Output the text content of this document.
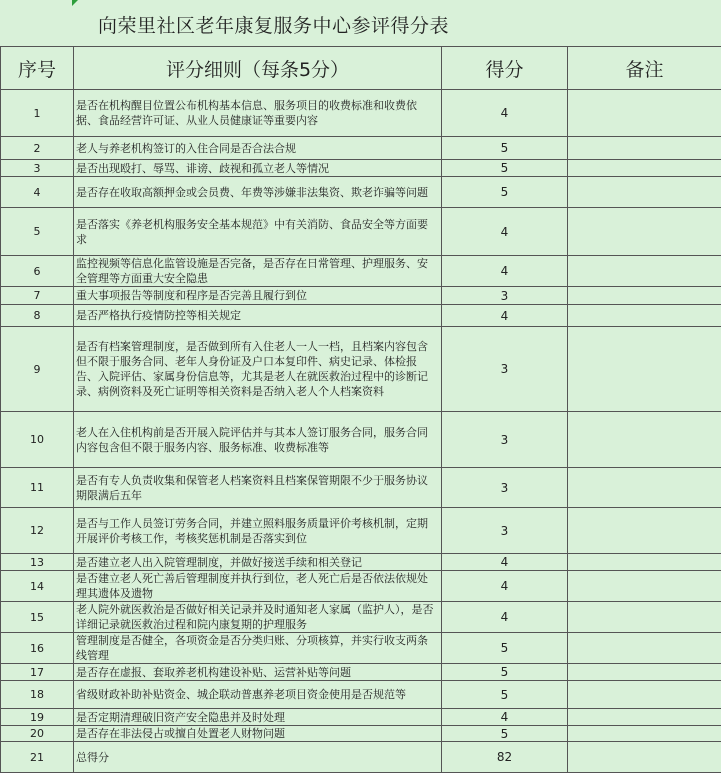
向荣里社区老年康复服务中心参评得分表
序号	评分细则（每条5分）	得分	备注
1	是否在机构醒目位置公布机构基本信息、服务项目的收费标准和收费依据、食品经营许可证、从业人员健康证等重要内容	4	
2	老人与养老机构签订的入住合同是否合法合规	5	
3	是否出现殴打、辱骂、诽谤、歧视和孤立老人等情况	5	
4	是否存在收取高额押金或会员费、年费等涉嫌非法集资、欺老诈骗等问题	5	
5	是否落实《养老机构服务安全基本规范》中有关消防、食品安全等方面要求	4	
6	监控视频等信息化监管设施是否完备，是否存在日常管理、护理服务、安全管理等方面重大安全隐患	4	
7	重大事项报告等制度和程序是否完善且履行到位	3	
8	是否严格执行疫情防控等相关规定	4	
9	是否有档案管理制度，是否做到所有入住老人一人一档，且档案内容包含但不限于服务合同、老年人身份证及户口本复印件、病史记录、体检报告、入院评估、家属身份信息等，尤其是老人在就医救治过程中的诊断记录、病例资料及死亡证明等相关资料是否纳入老人个人档案资料	3	
10	老人在入住机构前是否开展入院评估并与其本人签订服务合同，服务合同内容包含但不限于服务内容、服务标准、收费标准等	3	
11	是否有专人负责收集和保管老人档案资料且档案保管期限不少于服务协议期限满后五年	3	
12	是否与工作人员签订劳务合同，并建立照料服务质量评价考核机制，定期开展评价考核工作，考核奖惩机制是否落实到位	3	
13	是否建立老人出入院管理制度，并做好接送手续和相关登记	4	
14	是否建立老人死亡善后管理制度并执行到位，老人死亡后是否依法依规处理其遗体及遗物	4	
15	老人院外就医救治是否做好相关记录并及时通知老人家属（监护人），是否详细记录就医救治过程和院内康复期的护理服务	4	
16	管理制度是否健全，各项资金是否分类归账、分项核算，并实行收支两条线管理	5	
17	是否存在虚报、套取养老机构建设补贴、运营补贴等问题	5	
18	省级财政补助补贴资金、城企联动普惠养老项目资金使用是否规范等	5	
19	是否定期清理破旧资产安全隐患并及时处理	4	
20	是否存在非法侵占或擅自处置老人财物问题	5	
21	总得分	82	
